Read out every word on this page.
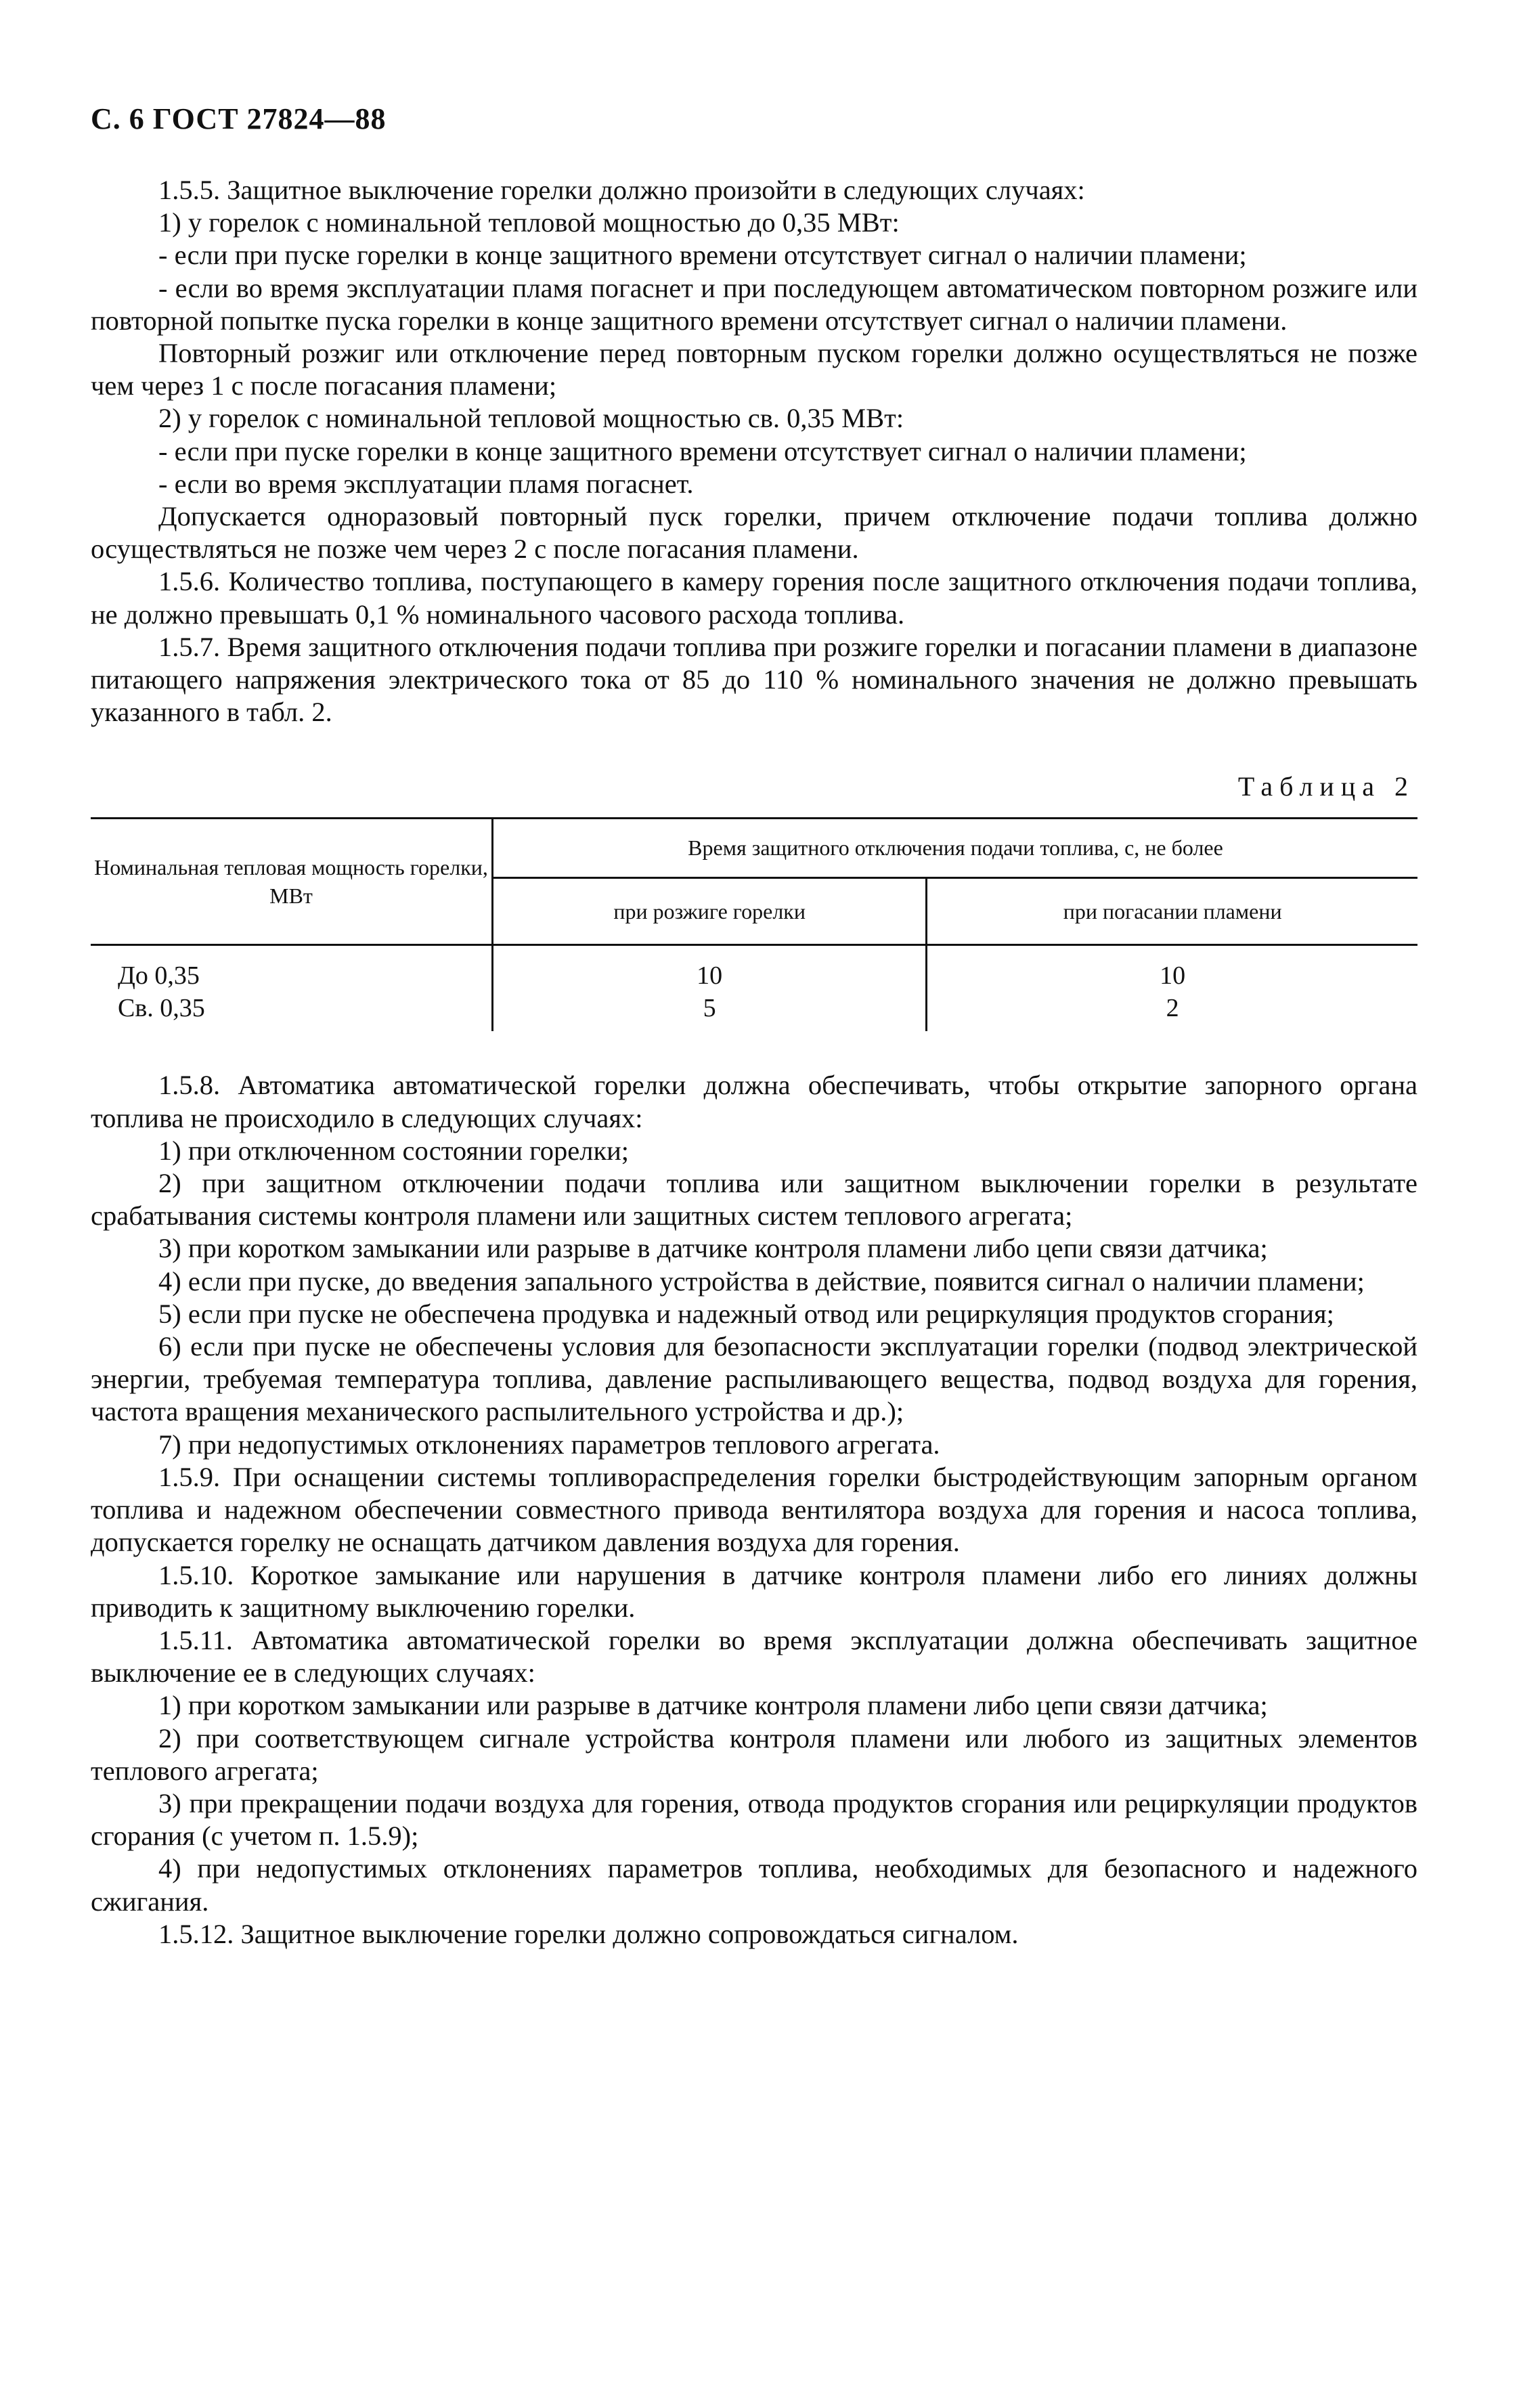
С. 6 ГОСТ 27824—88

1.5.5. Защитное выключение горелки должно произойти в следующих случаях:

1) у горелок с номинальной тепловой мощностью до 0,35 МВт:

- если при пуске горелки в конце защитного времени отсутствует сигнал о наличии пламени;

- если во время эксплуатации пламя погаснет и при последующем автоматическом повторном розжиге или повторной попытке пуска горелки в конце защитного времени отсутствует сигнал о наличии пламени.

Повторный розжиг или отключение перед повторным пуском горелки должно осуществляться не позже чем через 1 с после погасания пламени;

2) у горелок с номинальной тепловой мощностью св. 0,35 МВт:

- если при пуске горелки в конце защитного времени отсутствует сигнал о наличии пламени;

- если во время эксплуатации пламя погаснет.

Допускается одноразовый повторный пуск горелки, причем отключение подачи топлива должно осуществляться не позже чем через 2 с после погасания пламени.

1.5.6. Количество топлива, поступающего в камеру горения после защитного отключения подачи топлива, не должно превышать 0,1 % номинального часового расхода топлива.

1.5.7. Время защитного отключения подачи топлива при розжиге горелки и погасании пламени в диапазоне питающего напряжения электрического тока от 85 до 110 % номинального значения не должно превышать указанного в табл. 2.

Таблица 2
Номинальная тепловая мощность горелки, МВт	Время защитного отключения подачи топлива, с, не более	
	при розжиге горелки	при погасании пламени
До 0,35	10	10
Св. 0,35	5	2

1.5.8. Автоматика автоматической горелки должна обеспечивать, чтобы открытие запорного органа топлива не происходило в следующих случаях:

1) при отключенном состоянии горелки;

2) при защитном отключении подачи топлива или защитном выключении горелки в результате срабатывания системы контроля пламени или защитных систем теплового агрегата;

3) при коротком замыкании или разрыве в датчике контроля пламени либо цепи связи датчика;

4) если при пуске, до введения запального устройства в действие, появится сигнал о наличии пламени;

5) если при пуске не обеспечена продувка и надежный отвод или рециркуляция продуктов сгорания;

6) если при пуске не обеспечены условия для безопасности эксплуатации горелки (подвод электрической энергии, требуемая температура топлива, давление распыливающего вещества, подвод воздуха для горения, частота вращения механического распылительного устройства и др.);

7) при недопустимых отклонениях параметров теплового агрегата.

1.5.9. При оснащении системы топливораспределения горелки быстродействующим запорным органом топлива и надежном обеспечении совместного привода вентилятора воздуха для горения и насоса топлива, допускается горелку не оснащать датчиком давления воздуха для горения.

1.5.10. Короткое замыкание или нарушения в датчике контроля пламени либо его линиях должны приводить к защитному выключению горелки.

1.5.11. Автоматика автоматической горелки во время эксплуатации должна обеспечивать защитное выключение ее в следующих случаях:

1) при коротком замыкании или разрыве в датчике контроля пламени либо цепи связи датчика;

2) при соответствующем сигнале устройства контроля пламени или любого из защитных элементов теплового агрегата;

3) при прекращении подачи воздуха для горения, отвода продуктов сгорания или рециркуляции продуктов сгорания (с учетом п. 1.5.9);

4) при недопустимых отклонениях параметров топлива, необходимых для безопасного и надежного сжигания.

1.5.12. Защитное выключение горелки должно сопровождаться сигналом.
